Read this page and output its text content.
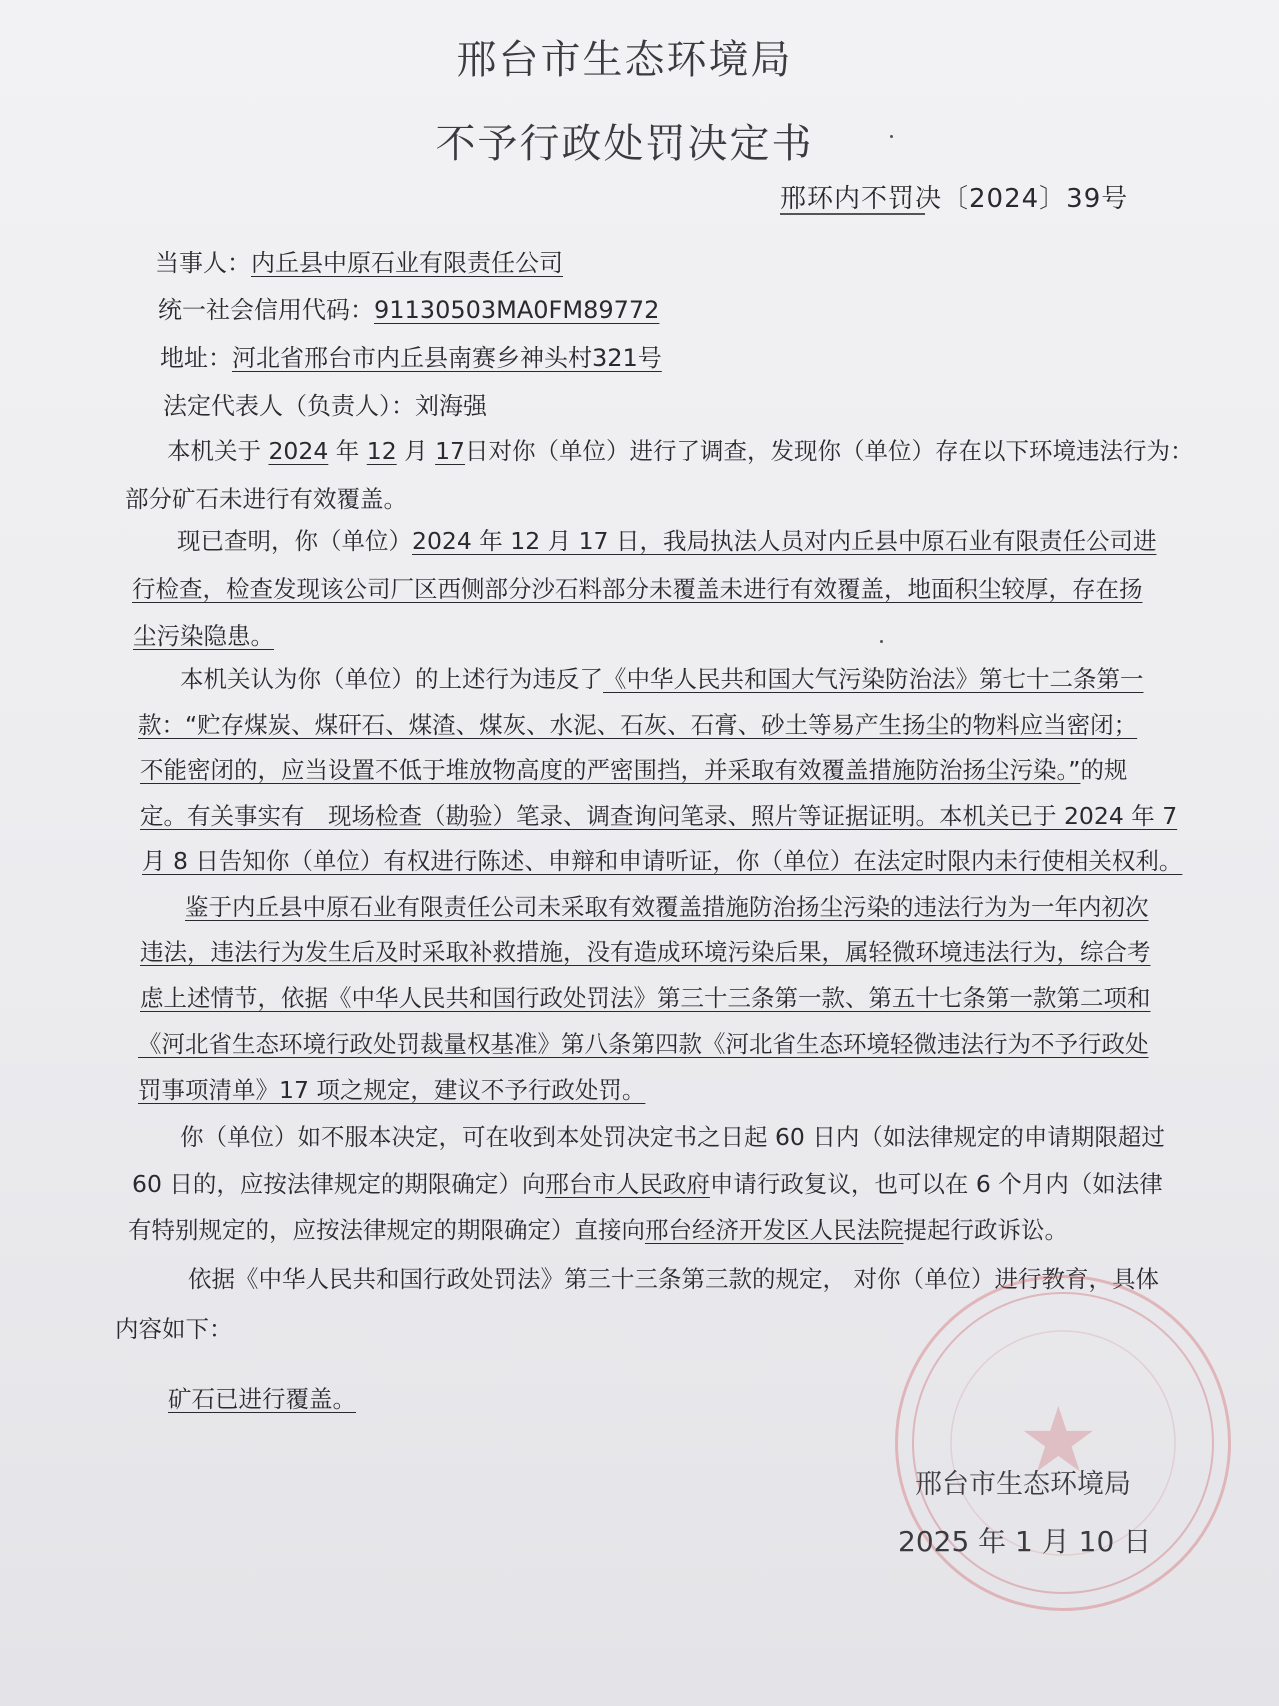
邢台市生态环境局
不予行政处罚决定书
邢环内不罚决〔2024〕39号
当事人：内丘县中原石业有限责任公司
统一社会信用代码：91130503MA0FM89772
地址：河北省邢台市内丘县南赛乡神头村321号
法定代表人（负责人）：刘海强
本机关于 2024 年 12 月 17日对你（单位）进行了调查，发现你（单位）存在以下环境违法行为：
部分矿石未进行有效覆盖。
现已查明，你（单位）2024 年 12 月 17 日，我局执法人员对内丘县中原石业有限责任公司进
行检查，检查发现该公司厂区西侧部分沙石料部分未覆盖未进行有效覆盖，地面积尘较厚，存在扬
尘污染隐患。
本机关认为你（单位）的上述行为违反了《中华人民共和国大气污染防治法》第七十二条第一
款：“贮存煤炭、煤矸石、煤渣、煤灰、水泥、石灰、石膏、砂土等易产生扬尘的物料应当密闭；
不能密闭的，应当设置不低于堆放物高度的严密围挡，并采取有效覆盖措施防治扬尘污染。”的规
定。有关事实有　现场检查（勘验）笔录、调查询问笔录、照片等证据证明。本机关已于 2024 年 7
月 8 日告知你（单位）有权进行陈述、申辩和申请听证，你（单位）在法定时限内未行使相关权利。
鉴于内丘县中原石业有限责任公司未采取有效覆盖措施防治扬尘污染的违法行为为一年内初次
违法，违法行为发生后及时采取补救措施，没有造成环境污染后果，属轻微环境违法行为，综合考
虑上述情节，依据《中华人民共和国行政处罚法》第三十三条第一款、第五十七条第一款第二项和
《河北省生态环境行政处罚裁量权基准》第八条第四款《河北省生态环境轻微违法行为不予行政处
罚事项清单》17 项之规定，建议不予行政处罚。
你（单位）如不服本决定，可在收到本处罚决定书之日起 60 日内（如法律规定的申请期限超过
60 日的，应按法律规定的期限确定）向邢台市人民政府申请行政复议，也可以在 6 个月内（如法律
有特别规定的，应按法律规定的期限确定）直接向邢台经济开发区人民法院提起行政诉讼。
依据《中华人民共和国行政处罚法》第三十三条第三款的规定， 对你（单位）进行教育，具体
内容如下：
矿石已进行覆盖。	★
邢台市生态环境局
2025 年 1 月 10 日
